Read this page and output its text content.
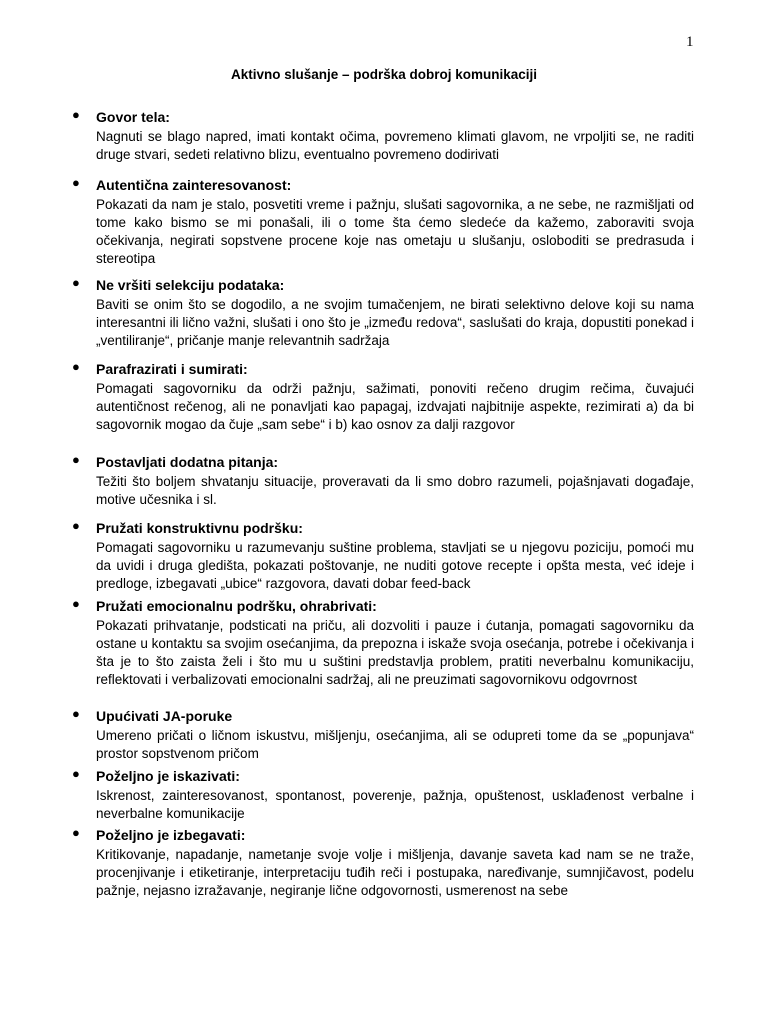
1
Aktivno slušanje – podrška dobroj komunikaciji
● Govor tela:
Nagnuti se blago napred, imati kontakt očima, povremeno klimati glavom, ne vrpoljiti se, ne raditi druge stvari, sedeti relativno blizu, eventualno povremeno dodirivati
● Autentična zainteresovanost:
Pokazati da nam je stalo, posvetiti vreme i pažnju, slušati sagovornika, a ne sebe, ne razmišljati od tome kako bismo se mi ponašali, ili o tome šta ćemo sledeće da kažemo, zaboraviti svoja očekivanja, negirati sopstvene procene koje nas ometaju u slušanju, osloboditi se predrasuda i stereotipa
● Ne vršiti selekciju podataka:
Baviti se onim što se dogodilo, a ne svojim tumačenjem, ne birati selektivno delove koji su nama interesantni ili lično važni, slušati i ono što je „između redova“, saslušati do kraja, dopustiti ponekad i „ventiliranje“, pričanje manje relevantnih sadržaja
● Parafrazirati i sumirati:
Pomagati sagovorniku da održi pažnju, sažimati, ponoviti rečeno drugim rečima, čuvajući autentičnost rečenog, ali ne ponavljati kao papagaj, izdvajati najbitnije aspekte, rezimirati a) da bi sagovornik mogao da čuje „sam sebe“ i b) kao osnov za dalji razgovor
● Postavljati dodatna pitanja:
Težiti što boljem shvatanju situacije, proveravati da li smo dobro razumeli, pojašnjavati događaje, motive učesnika i sl.
● Pružati konstruktivnu podršku:
Pomagati sagovorniku u razumevanju suštine problema, stavljati se u njegovu poziciju, pomoći mu da uvidi i druga gledišta, pokazati poštovanje, ne nuditi gotove recepte i opšta mesta, već ideje i predloge, izbegavati „ubice“ razgovora, davati dobar feed-back
● Pružati emocionalnu podršku, ohrabrivati:
Pokazati prihvatanje, podsticati na priču, ali dozvoliti i pauze i ćutanja, pomagati sagovorniku da ostane u kontaktu sa svojim osećanjima, da prepozna i iskaže svoja osećanja, potrebe i očekivanja i šta je to što zaista želi i što mu u suštini predstavlja problem, pratiti neverbalnu komunikaciju, reflektovati i verbalizovati emocionalni sadržaj, ali ne preuzimati sagovornikovu odgovrnost
● Upućivati JA-poruke
Umereno pričati o ličnom iskustvu, mišljenju, osećanjima, ali se odupreti tome da se „popunjava“ prostor sopstvenom pričom
● Poželjno je iskazivati:
Iskrenost, zainteresovanost, spontanost, poverenje, pažnja, opuštenost, usklađenost verbalne i neverbalne komunikacije
● Poželjno je izbegavati:
Kritikovanje, napadanje, nametanje svoje volje i mišljenja, davanje saveta kad nam se ne traže, procenjivanje i etiketiranje, interpretaciju tuđih reči i postupaka, naređivanje, sumnjičavost, podelu pažnje, nejasno izražavanje, negiranje lične odgovornosti, usmerenost na sebe
